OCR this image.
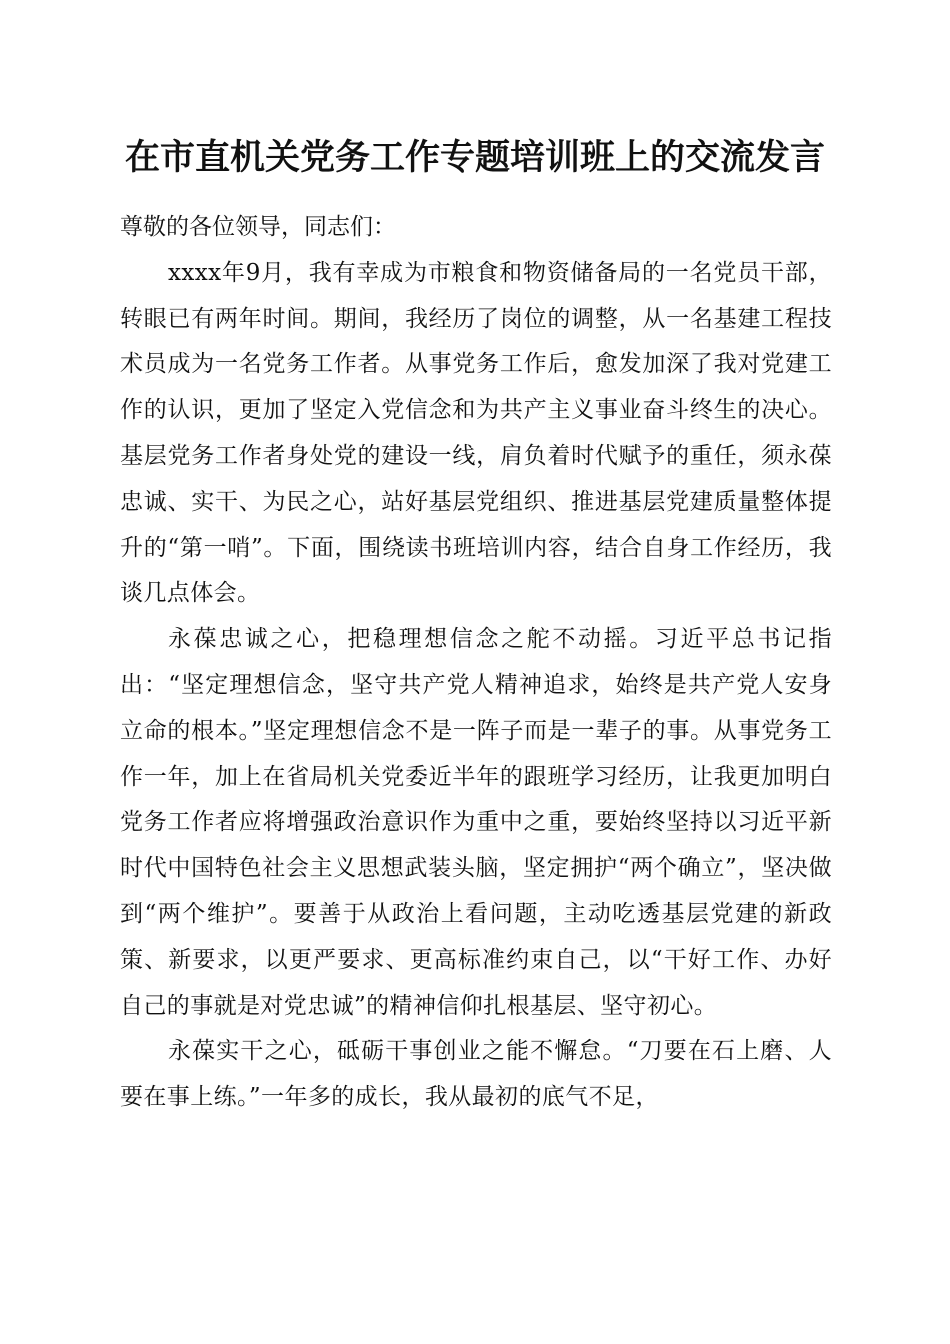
在市直机关党务工作专题培训班上的交流发言

尊敬的各位领导，同志们：

xxxx年9月，我有幸成为市粮食和物资储备局的一名党员干部，转眼已有两年时间。期间，我经历了岗位的调整，从一名基建工程技术员成为一名党务工作者。从事党务工作后，愈发加深了我对党建工作的认识，更加了坚定入党信念和为共产主义事业奋斗终生的决心。基层党务工作者身处党的建设一线，肩负着时代赋予的重任，须永葆忠诚、实干、为民之心，站好基层党组织、推进基层党建质量整体提升的“第一哨”。下面，围绕读书班培训内容，结合自身工作经历，我谈几点体会。

永葆忠诚之心，把稳理想信念之舵不动摇。习近平总书记指出：“坚定理想信念，坚守共产党人精神追求，始终是共产党人安身立命的根本。”坚定理想信念不是一阵子而是一辈子的事。从事党务工作一年，加上在省局机关党委近半年的跟班学习经历，让我更加明白党务工作者应将增强政治意识作为重中之重，要始终坚持以习近平新时代中国特色社会主义思想武装头脑，坚定拥护“两个确立”，坚决做到“两个维护”。要善于从政治上看问题，主动吃透基层党建的新政策、新要求，以更严要求、更高标准约束自己，以“干好工作、办好自己的事就是对党忠诚”的精神信仰扎根基层、坚守初心。

永葆实干之心，砥砺干事创业之能不懈怠。“刀要在石上磨、人要在事上练。”一年多的成长，我从最初的底气不足，
